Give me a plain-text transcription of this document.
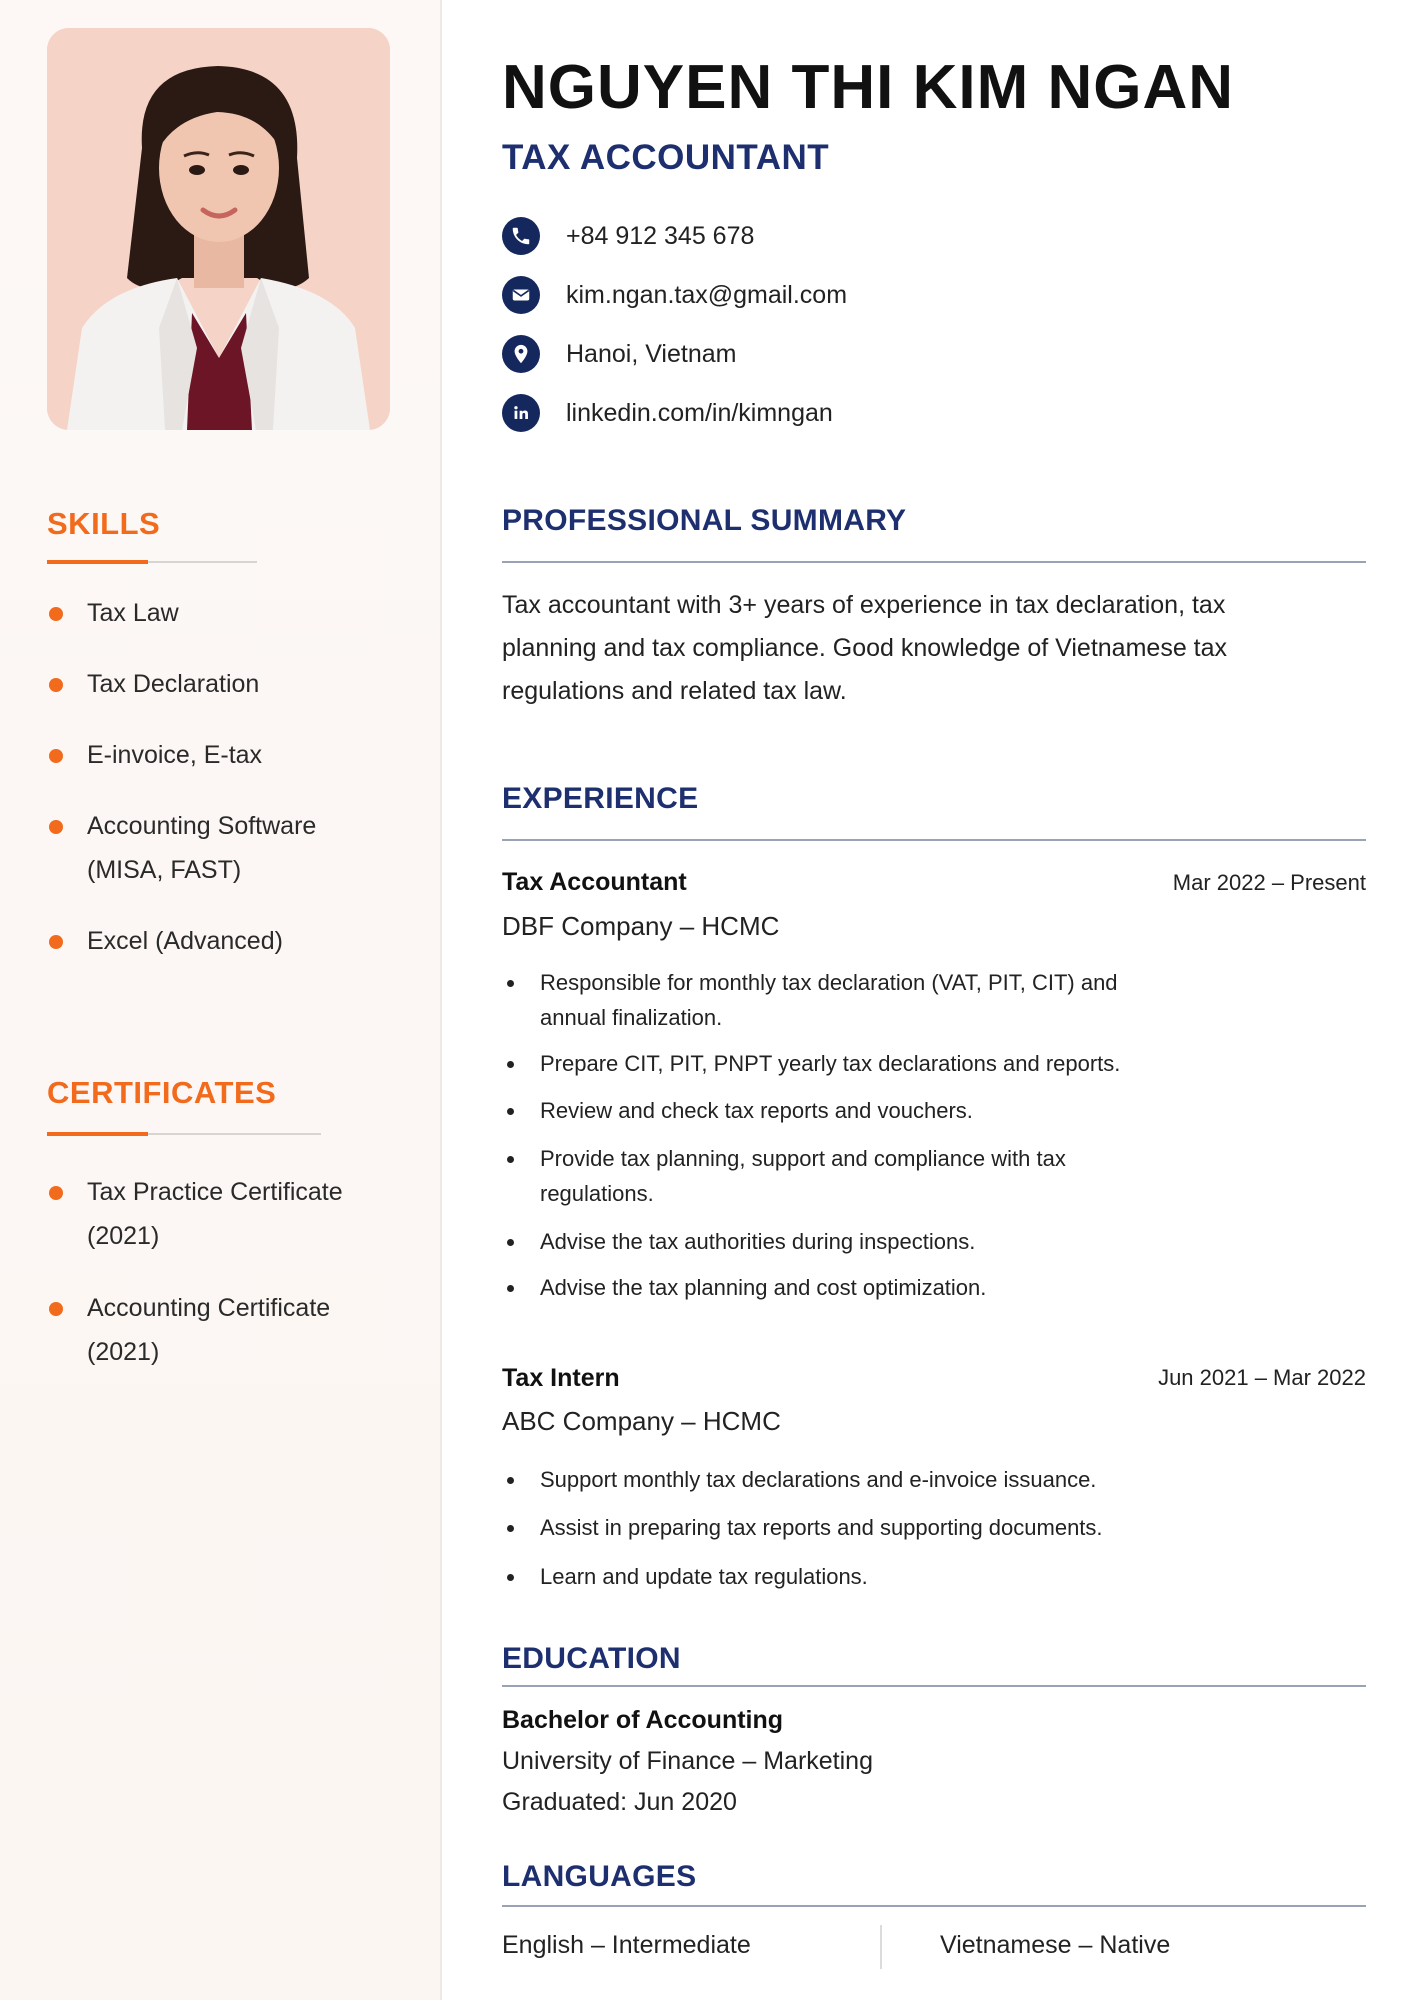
SKILLS
Tax Law
Tax Declaration
E-invoice, E-tax
Accounting Software (MISA, FAST)
Excel (Advanced)
CERTIFICATES
Tax Practice Certificate (2021)
Accounting Certificate (2021)
NGUYEN THI KIM NGAN
TAX ACCOUNTANT
+84 912 345 678
kim.ngan.tax@gmail.com
Hanoi, Vietnam
linkedin.com/in/kimngan
PROFESSIONAL SUMMARY
Tax accountant with 3+ years of experience in tax declaration, tax planning and tax compliance. Good knowledge of Vietnamese tax regulations and related tax law.
EXPERIENCE
Tax Accountant	Mar 2022 – Present
DBF Company – HCMC
Responsible for monthly tax declaration (VAT, PIT, CIT) and annual finalization.
Prepare CIT, PIT, PNPT yearly tax declarations and reports.
Review and check tax reports and vouchers.
Provide tax planning, support and compliance with tax regulations.
Advise the tax authorities during inspections.
Advise the tax planning and cost optimization.
Tax Intern	Jun 2021 – Mar 2022
ABC Company – HCMC
Support monthly tax declarations and e-invoice issuance.
Assist in preparing tax reports and supporting documents.
Learn and update tax regulations.
EDUCATION
Bachelor of Accounting
University of Finance – Marketing
Graduated: Jun 2020
LANGUAGES
English – Intermediate	Vietnamese – Native
